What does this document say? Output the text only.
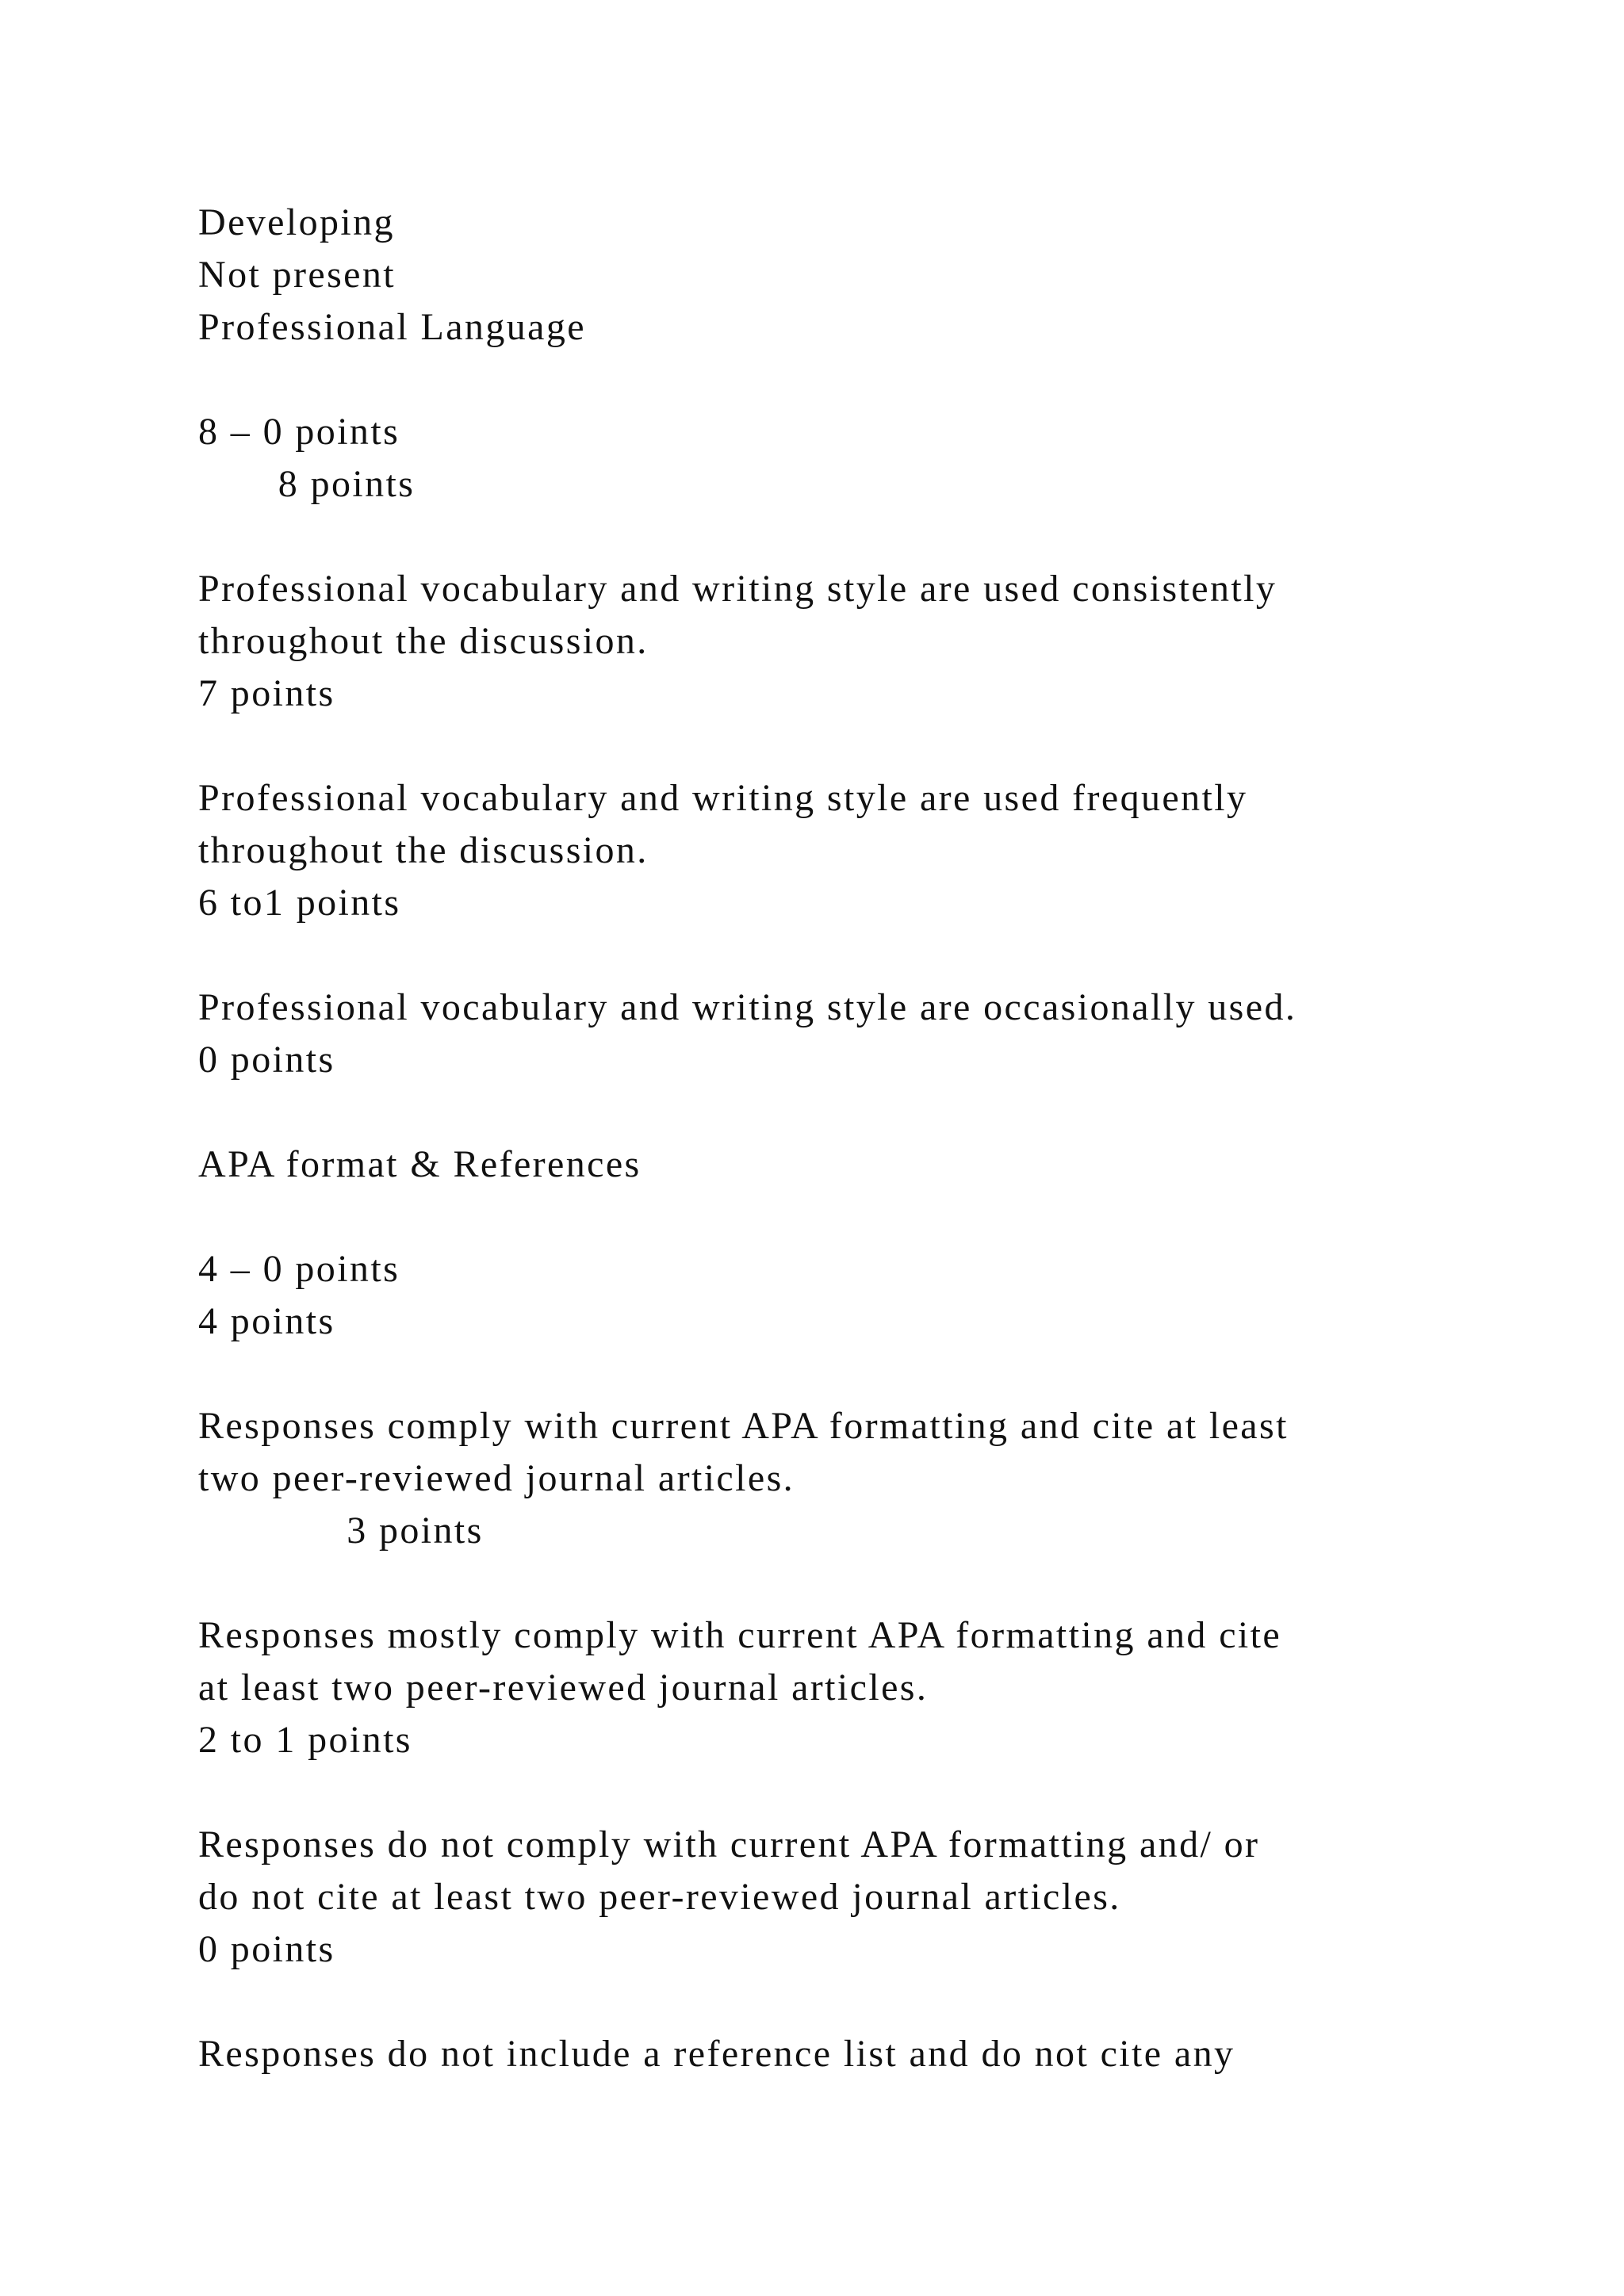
Developing

Not present

Professional Language

8 – 0 points

8 points

Professional vocabulary and writing style are used consistently

throughout the discussion.

7 points

Professional vocabulary and writing style are used frequently

throughout the discussion.

6 to1 points

Professional vocabulary and writing style are occasionally used.

0 points

APA format & References

4 – 0 points

4 points

Responses comply with current APA formatting and cite at least

two peer-reviewed journal articles.

3 points

Responses mostly comply with current APA formatting and cite

at least two peer-reviewed journal articles.

2 to 1 points

Responses do not comply with current APA formatting and/ or

do not cite at least two peer-reviewed journal articles.

0 points

Responses do not include a reference list and do not cite any
